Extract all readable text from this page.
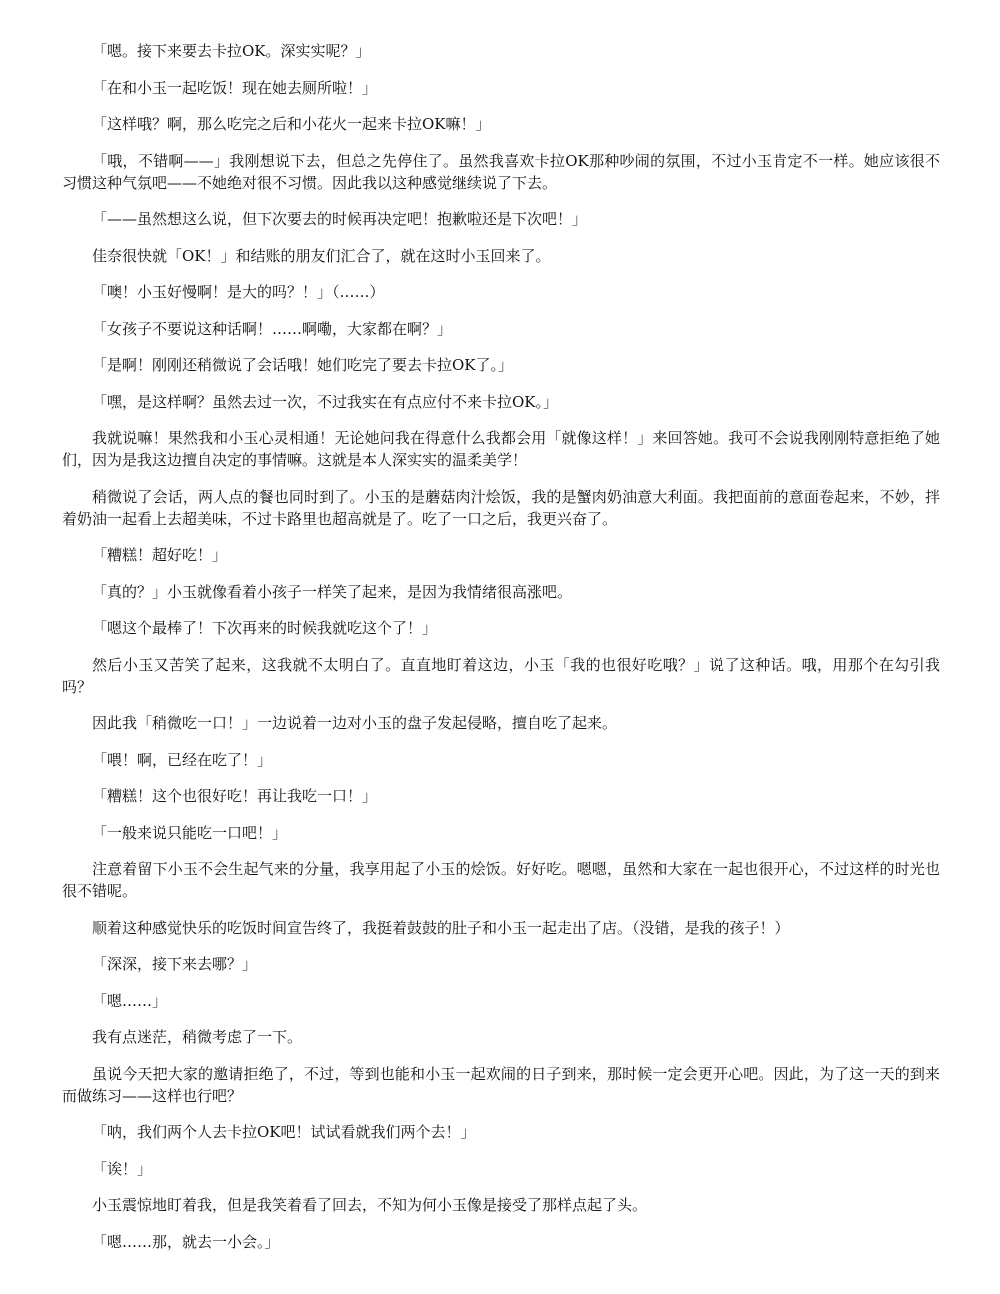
「嗯。接下来要去卡拉OK。深实实呢？」

「在和小玉一起吃饭！现在她去厕所啦！」

「这样哦？啊，那么吃完之后和小花火一起来卡拉OK嘛！」

「哦，不错啊——」我刚想说下去，但总之先停住了。虽然我喜欢卡拉OK那种吵闹的氛围，不过小玉肯定不一样。她应该很不习惯这种气氛吧——不她绝对很不习惯。因此我以这种感觉继续说了下去。

「——虽然想这么说，但下次要去的时候再决定吧！抱歉啦还是下次吧！」

佳奈很快就「OK！」和结账的朋友们汇合了，就在这时小玉回来了。

「噢！小玉好慢啊！是大的吗？！」（……）

「女孩子不要说这种话啊！……啊嘞，大家都在啊？」

「是啊！刚刚还稍微说了会话哦！她们吃完了要去卡拉OK了。」

「嘿，是这样啊？虽然去过一次，不过我实在有点应付不来卡拉OK。」

我就说嘛！果然我和小玉心灵相通！无论她问我在得意什么我都会用「就像这样！」来回答她。我可不会说我刚刚特意拒绝了她们，因为是我这边擅自决定的事情嘛。这就是本人深实实的温柔美学！

稍微说了会话，两人点的餐也同时到了。小玉的是蘑菇肉汁烩饭，我的是蟹肉奶油意大利面。我把面前的意面卷起来，不妙，拌着奶油一起看上去超美味，不过卡路里也超高就是了。吃了一口之后，我更兴奋了。

「糟糕！超好吃！」

「真的？」小玉就像看着小孩子一样笑了起来，是因为我情绪很高涨吧。

「嗯这个最棒了！下次再来的时候我就吃这个了！」

然后小玉又苦笑了起来，这我就不太明白了。直直地盯着这边，小玉「我的也很好吃哦？」说了这种话。哦，用那个在勾引我吗？

因此我「稍微吃一口！」一边说着一边对小玉的盘子发起侵略，擅自吃了起来。

「喂！啊，已经在吃了！」

「糟糕！这个也很好吃！再让我吃一口！」

「一般来说只能吃一口吧！」

注意着留下小玉不会生起气来的分量，我享用起了小玉的烩饭。好好吃。嗯嗯，虽然和大家在一起也很开心，不过这样的时光也很不错呢。

顺着这种感觉快乐的吃饭时间宣告终了，我挺着鼓鼓的肚子和小玉一起走出了店。（没错，是我的孩子！）

「深深，接下来去哪？」

「嗯……」

我有点迷茫，稍微考虑了一下。

虽说今天把大家的邀请拒绝了，不过，等到也能和小玉一起欢闹的日子到来，那时候一定会更开心吧。因此，为了这一天的到来而做练习——这样也行吧？

「呐，我们两个人去卡拉OK吧！试试看就我们两个去！」

「诶！」

小玉震惊地盯着我，但是我笑着看了回去，不知为何小玉像是接受了那样点起了头。

「嗯……那，就去一小会。」
